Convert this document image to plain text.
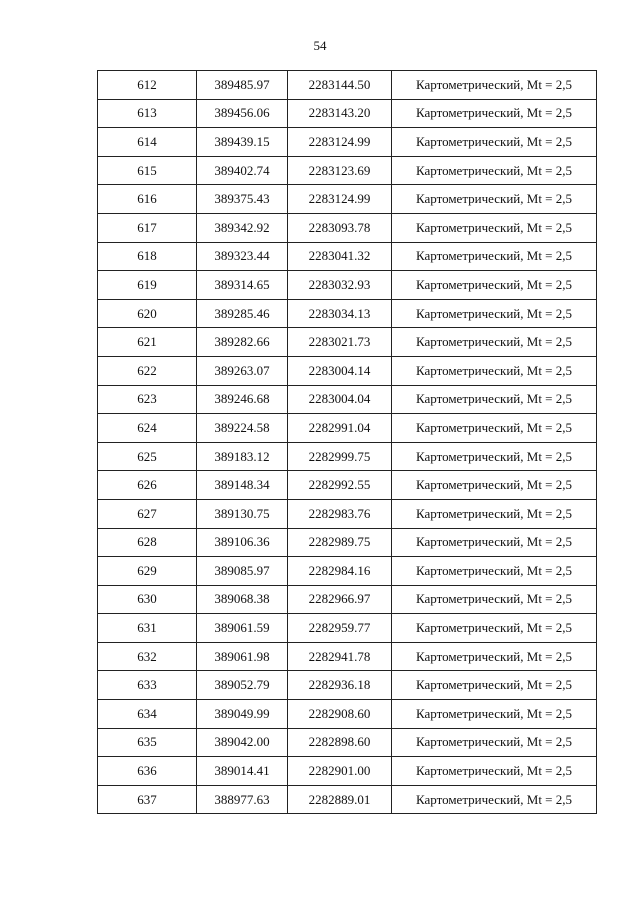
54
612	389485.97	2283144.50	Картометрический, Mt = 2,5
613	389456.06	2283143.20	Картометрический, Mt = 2,5
614	389439.15	2283124.99	Картометрический, Mt = 2,5
615	389402.74	2283123.69	Картометрический, Mt = 2,5
616	389375.43	2283124.99	Картометрический, Mt = 2,5
617	389342.92	2283093.78	Картометрический, Mt = 2,5
618	389323.44	2283041.32	Картометрический, Mt = 2,5
619	389314.65	2283032.93	Картометрический, Mt = 2,5
620	389285.46	2283034.13	Картометрический, Mt = 2,5
621	389282.66	2283021.73	Картометрический, Mt = 2,5
622	389263.07	2283004.14	Картометрический, Mt = 2,5
623	389246.68	2283004.04	Картометрический, Mt = 2,5
624	389224.58	2282991.04	Картометрический, Mt = 2,5
625	389183.12	2282999.75	Картометрический, Mt = 2,5
626	389148.34	2282992.55	Картометрический, Mt = 2,5
627	389130.75	2282983.76	Картометрический, Mt = 2,5
628	389106.36	2282989.75	Картометрический, Mt = 2,5
629	389085.97	2282984.16	Картометрический, Mt = 2,5
630	389068.38	2282966.97	Картометрический, Mt = 2,5
631	389061.59	2282959.77	Картометрический, Mt = 2,5
632	389061.98	2282941.78	Картометрический, Mt = 2,5
633	389052.79	2282936.18	Картометрический, Mt = 2,5
634	389049.99	2282908.60	Картометрический, Mt = 2,5
635	389042.00	2282898.60	Картометрический, Mt = 2,5
636	389014.41	2282901.00	Картометрический, Mt = 2,5
637	388977.63	2282889.01	Картометрический, Mt = 2,5
